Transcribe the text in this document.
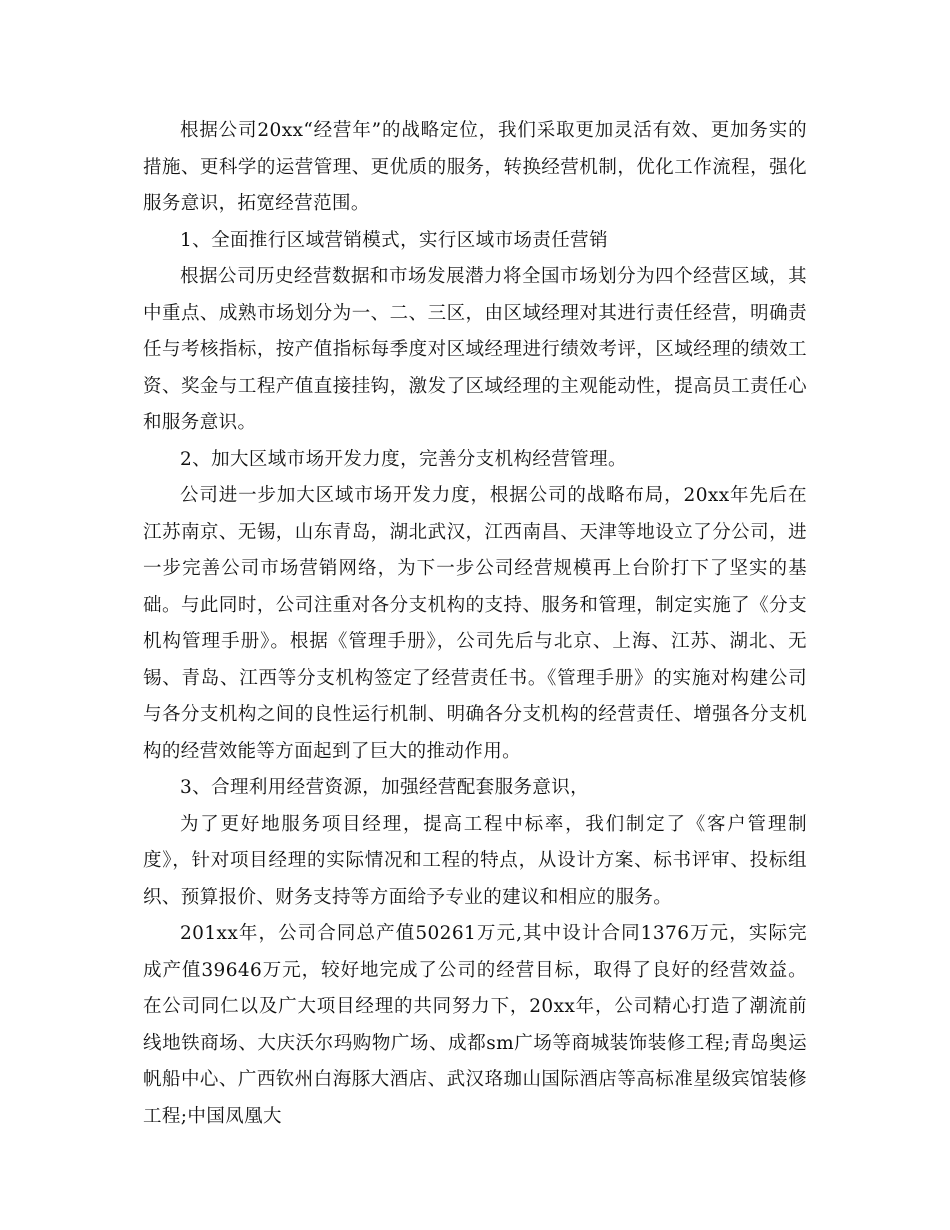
根据公司20xx“经营年”的战略定位，我们采取更加灵活有效、更加务实的措施、更科学的运营管理、更优质的服务，转换经营机制，优化工作流程，强化服务意识，拓宽经营范围。

1、全面推行区域营销模式，实行区域市场责任营销

根据公司历史经营数据和市场发展潜力将全国市场划分为四个经营区域，其中重点、成熟市场划分为一、二、三区，由区域经理对其进行责任经营，明确责任与考核指标，按产值指标每季度对区域经理进行绩效考评，区域经理的绩效工资、奖金与工程产值直接挂钩，激发了区域经理的主观能动性，提高员工责任心和服务意识。

2、加大区域市场开发力度，完善分支机构经营管理。

公司进一步加大区域市场开发力度，根据公司的战略布局，20xx年先后在江苏南京、无锡，山东青岛，湖北武汉，江西南昌、天津等地设立了分公司，进一步完善公司市场营销网络，为下一步公司经营规模再上台阶打下了坚实的基础。与此同时，公司注重对各分支机构的支持、服务和管理，制定实施了《分支机构管理手册》。根据《管理手册》，公司先后与北京、上海、江苏、湖北、无锡、青岛、江西等分支机构签定了经营责任书。《管理手册》的实施对构建公司与各分支机构之间的良性运行机制、明确各分支机构的经营责任、增强各分支机构的经营效能等方面起到了巨大的推动作用。

3、合理利用经营资源，加强经营配套服务意识，

为了更好地服务项目经理，提高工程中标率，我们制定了《客户管理制度》，针对项目经理的实际情况和工程的特点，从设计方案、标书评审、投标组织、预算报价、财务支持等方面给予专业的建议和相应的服务。

201xx年，公司合同总产值50261万元,其中设计合同1376万元，实际完成产值39646万元，较好地完成了公司的经营目标，取得了良好的经营效益。在公司同仁以及广大项目经理的共同努力下，20xx年，公司精心打造了潮流前线地铁商场、大庆沃尔玛购物广场、成都sm广场等商城装饰装修工程;青岛奥运帆船中心、广西钦州白海豚大酒店、武汉珞珈山国际酒店等高标准星级宾馆装修工程;中国凤凰大
